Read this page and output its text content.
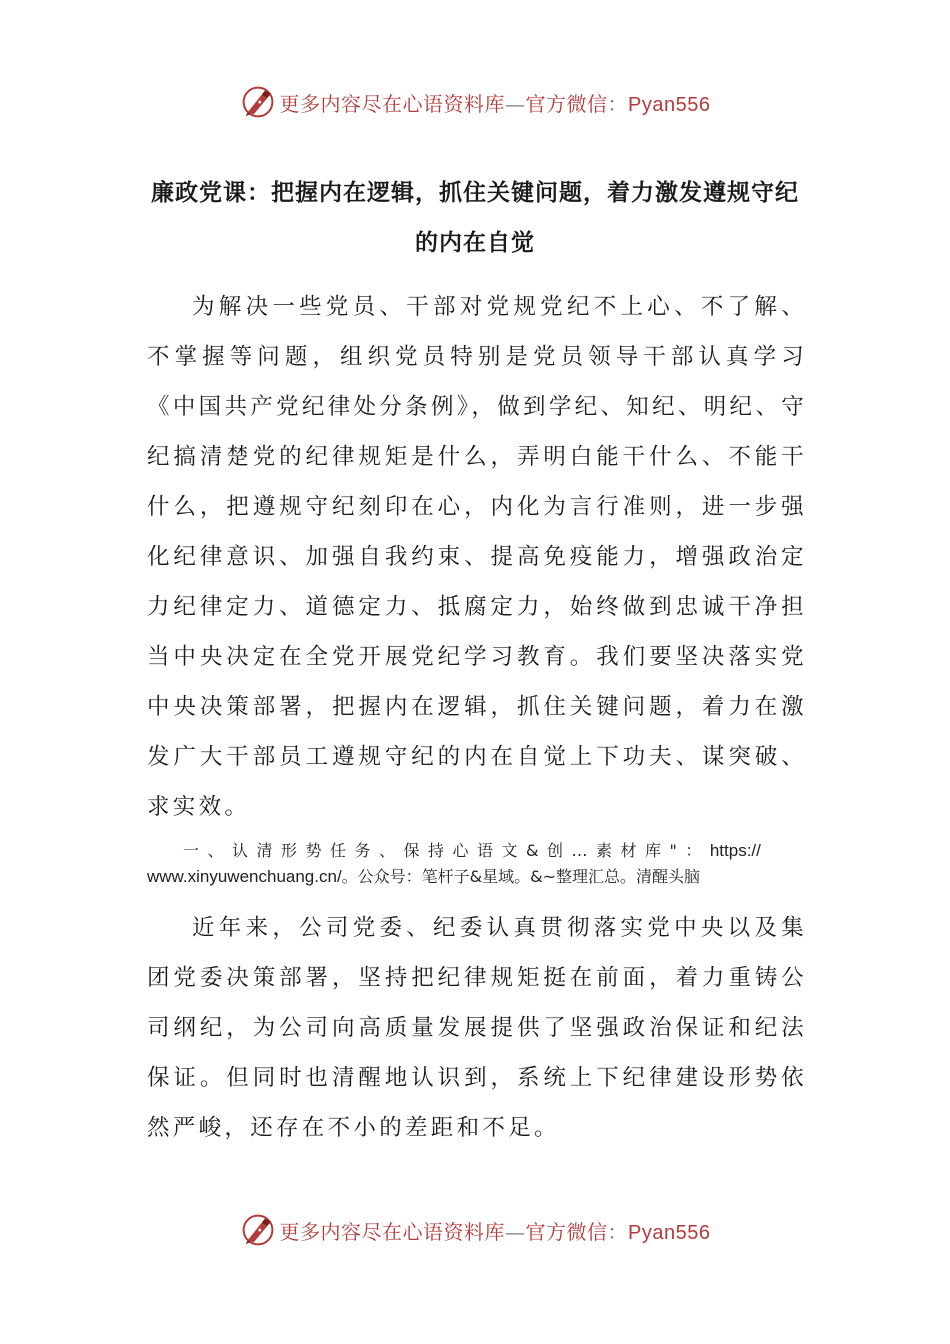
更多内容尽在心语资料库—官方微信：Pyan556
廉政党课：把握内在逻辑，抓住关键问题，着力激发遵规守纪的内在自觉

为解决一些党员、干部对党规党纪不上心、不了解、不掌握等问题，组织党员特别是党员领导干部认真学习《中国共产党纪律处分条例》，做到学纪、知纪、明纪、守纪搞清楚党的纪律规矩是什么，弄明白能干什么、不能干什么，把遵规守纪刻印在心，内化为言行准则，进一步强化纪律意识、加强自我约束、提高免疫能力，增强政治定力纪律定力、道德定力、抵腐定力，始终做到忠诚干净担当中央决定在全党开展党纪学习教育。我们要坚决落实党中央决策部署，把握内在逻辑，抓住关键问题，着力在激发广大干部员工遵规守纪的内在自觉上下功夫、谋突破、求实效。

一、认清形势任务、保持心语文&创…素材库"：https://
www.xinyuwenchuang.cn/。公众号：笔杆子&星域。&~整理汇总。清醒头脑

近年来，公司党委、纪委认真贯彻落实党中央以及集团党委决策部署，坚持把纪律规矩挺在前面，着力重铸公司纲纪，为公司向高质量发展提供了坚强政治保证和纪法保证。但同时也清醒地认识到，系统上下纪律建设形势依然严峻，还存在不小的差距和不足。

更多内容尽在心语资料库—官方微信：Pyan556
